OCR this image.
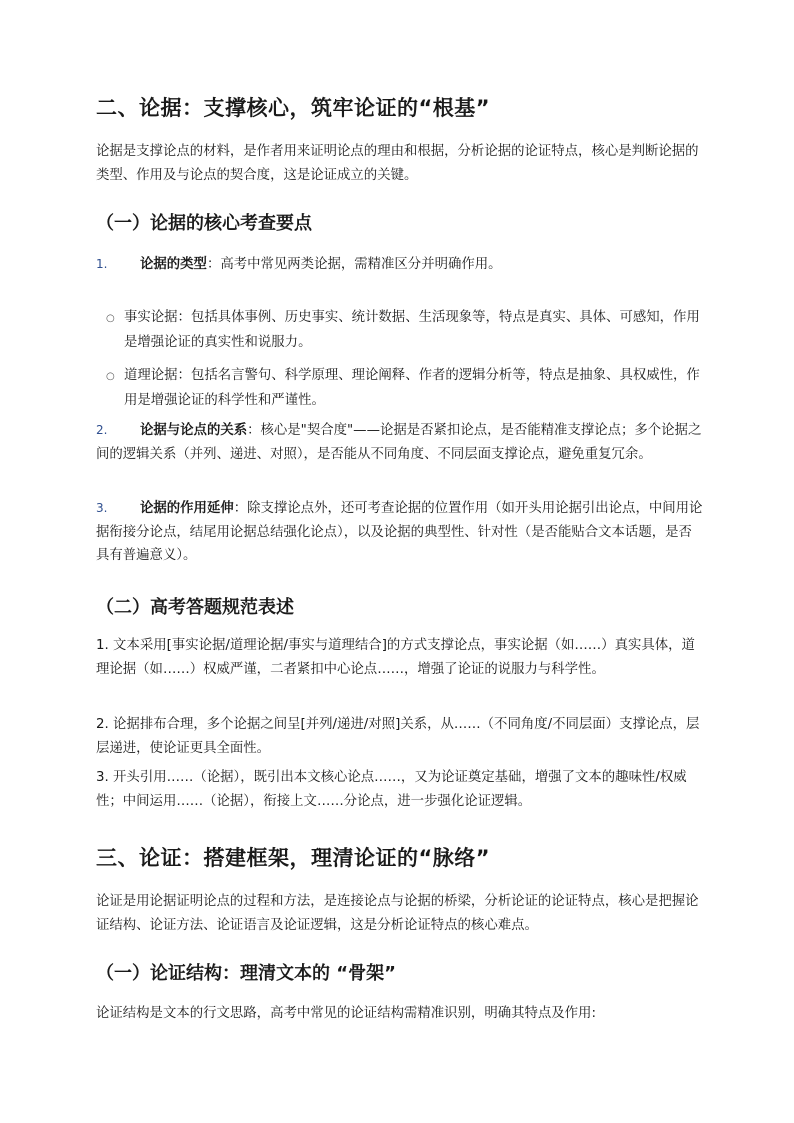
二、论据：支撑核心，筑牢论证的“根基”

论据是支撑论点的材料，是作者用来证明论点的理由和根据，分析论据的论证特点，核心是判断论据的类型、作用及与论点的契合度，这是论证成立的关键。

（一）论据的核心考查要点

1. 论据的类型：高考中常见两类论据，需精准区分并明确作用。

○ 事实论据：包括具体事例、历史事实、统计数据、生活现象等，特点是真实、具体、可感知，作用是增强论证的真实性和说服力。

○ 道理论据：包括名言警句、科学原理、理论阐释、作者的逻辑分析等，特点是抽象、具权威性，作用是增强论证的科学性和严谨性。

2. 论据与论点的关系：核心是"契合度"——论据是否紧扣论点，是否能精准支撑论点；多个论据之间的逻辑关系（并列、递进、对照），是否能从不同角度、不同层面支撑论点，避免重复冗余。

3. 论据的作用延伸：除支撑论点外，还可考查论据的位置作用（如开头用论据引出论点，中间用论据衔接分论点，结尾用论据总结强化论点），以及论据的典型性、针对性（是否能贴合文本话题，是否具有普遍意义）。

（二）高考答题规范表述

1. 文本采用[事实论据/道理论据/事实与道理结合]的方式支撑论点，事实论据（如……）真实具体，道理论据（如……）权威严谨，二者紧扣中心论点……，增强了论证的说服力与科学性。

2. 论据排布合理，多个论据之间呈[并列/递进/对照]关系，从……（不同角度/不同层面）支撑论点，层层递进，使论证更具全面性。

3. 开头引用……（论据），既引出本文核心论点……，又为论证奠定基础，增强了文本的趣味性/权威性；中间运用……（论据），衔接上文……分论点，进一步强化论证逻辑。

三、论证：搭建框架，理清论证的“脉络”

论证是用论据证明论点的过程和方法，是连接论点与论据的桥梁，分析论证的论证特点，核心是把握论证结构、论证方法、论证语言及论证逻辑，这是分析论证特点的核心难点。

（一）论证结构：理清文本的 “骨架”

论证结构是文本的行文思路，高考中常见的论证结构需精准识别，明确其特点及作用:
